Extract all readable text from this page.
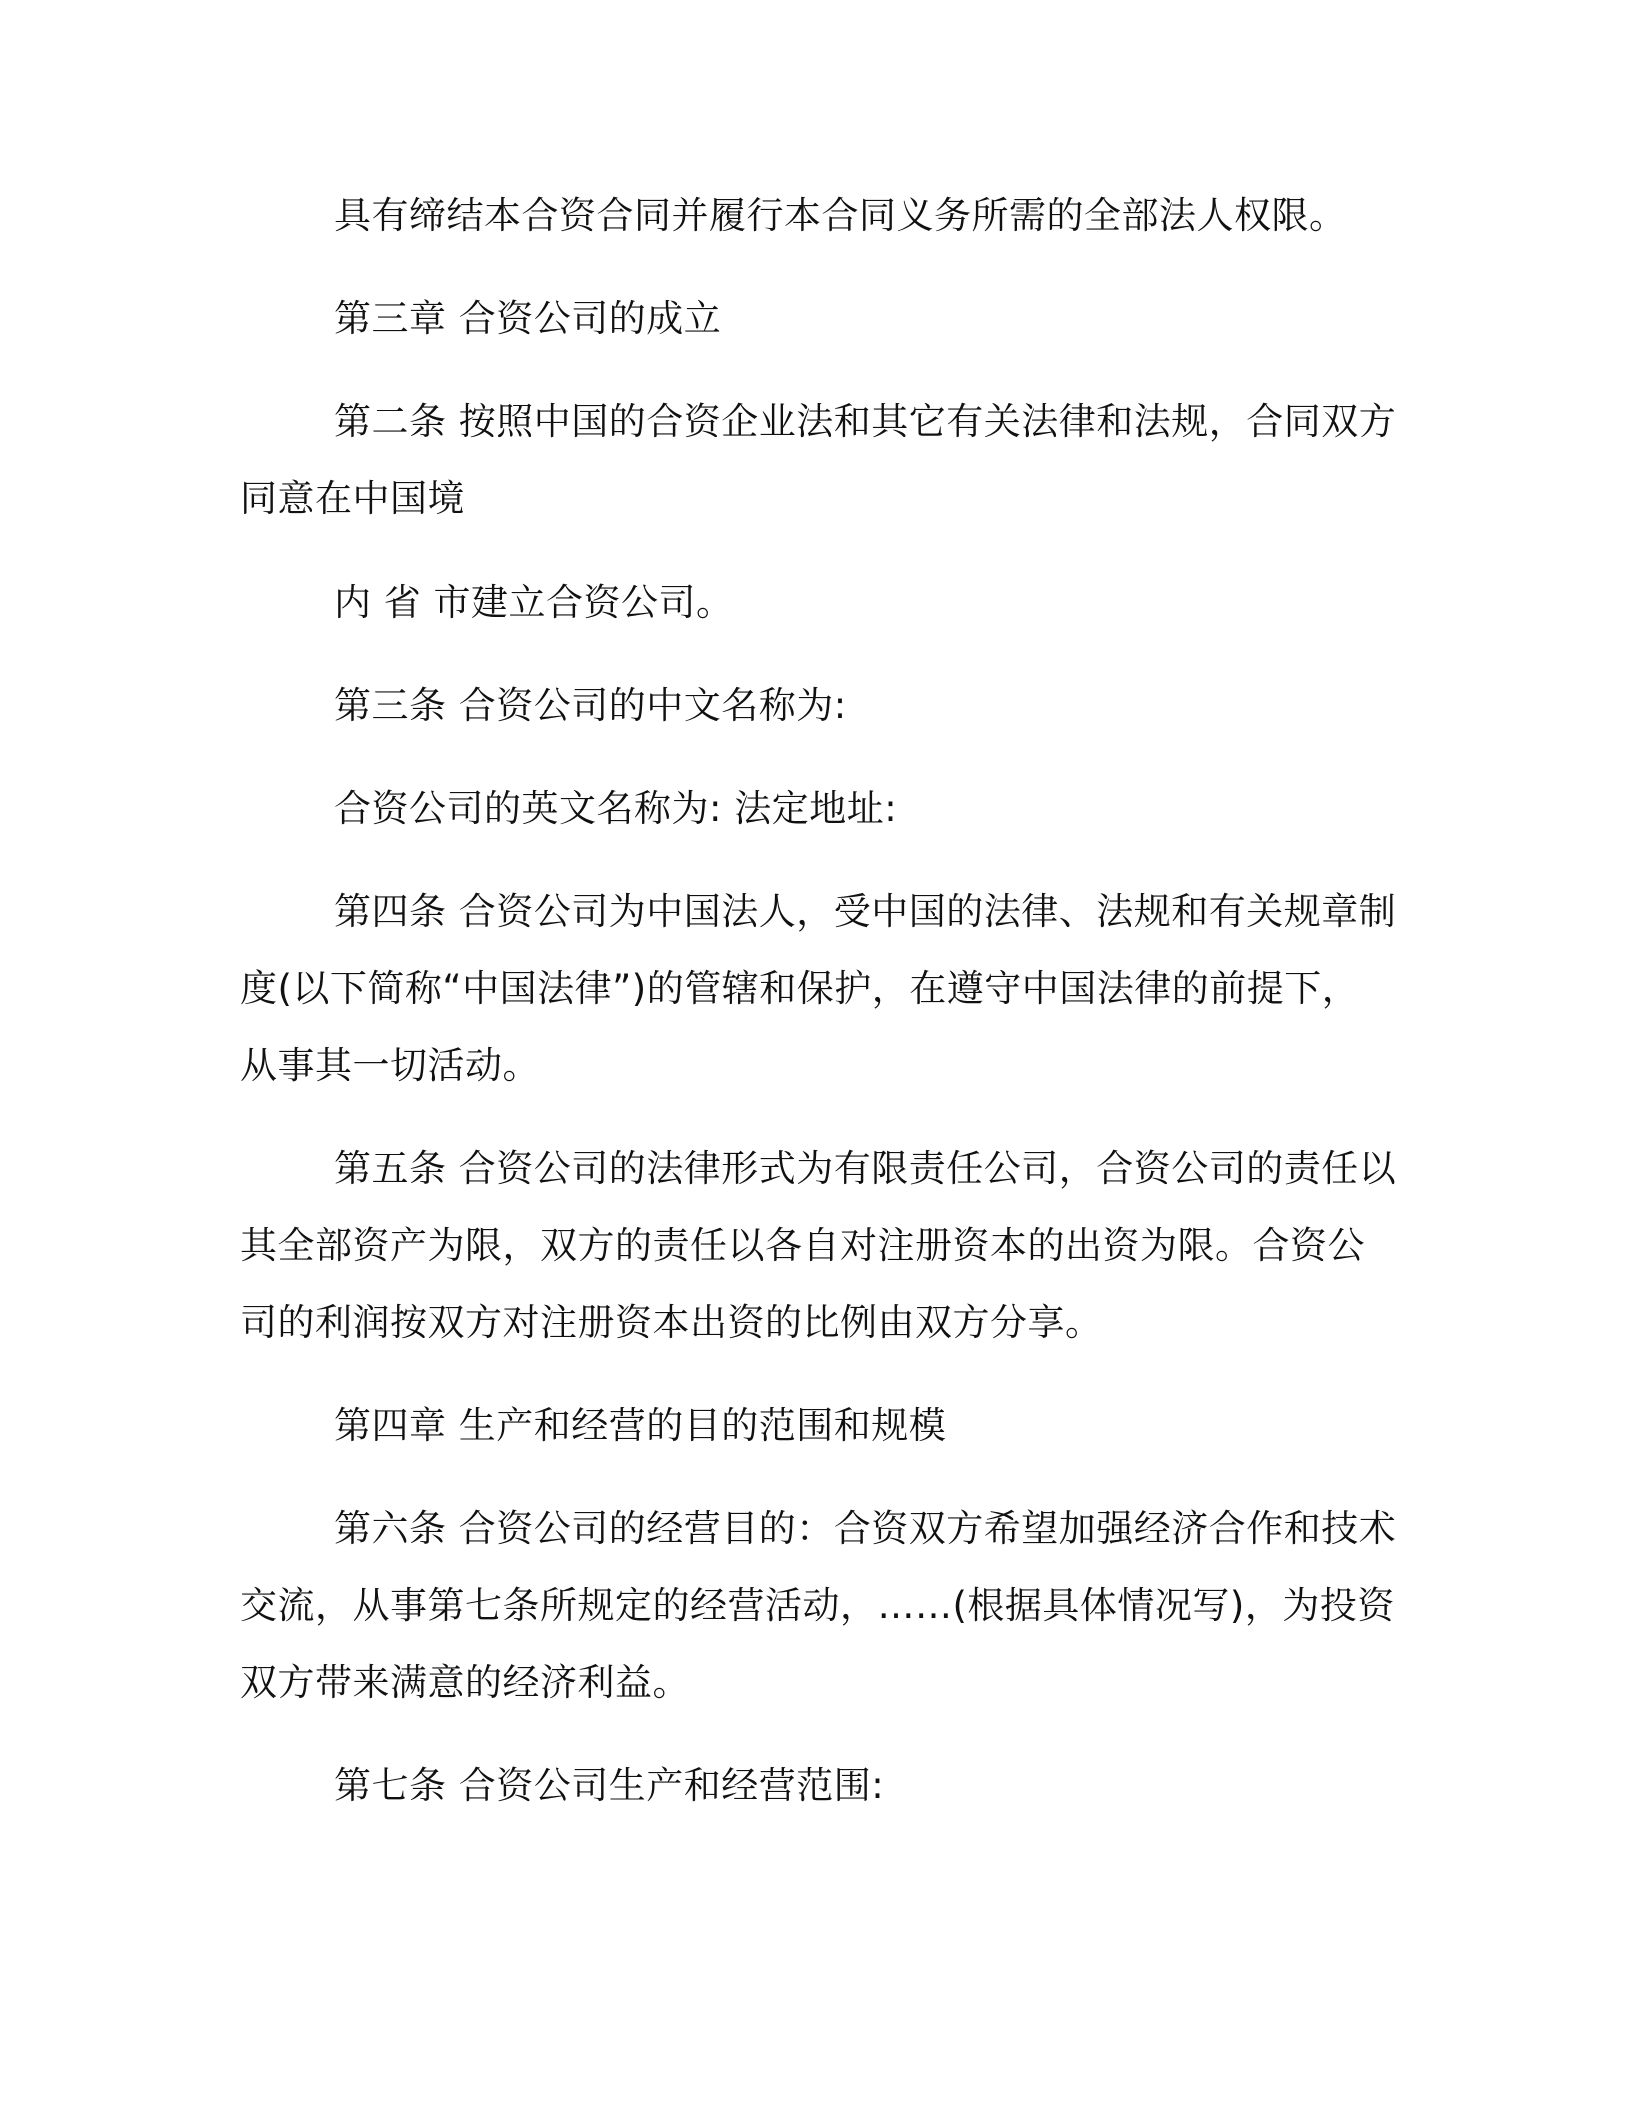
具有缔结本合资合同并履行本合同义务所需的全部法人权限。
第三章 合资公司的成立
第二条 按照中国的合资企业法和其它有关法律和法规，合同双方
同意在中国境
内 省 市建立合资公司。
第三条 合资公司的中文名称为:
合资公司的英文名称为: 法定地址:
第四条 合资公司为中国法人，受中国的法律、法规和有关规章制
度(以下简称“中国法律”)的管辖和保护，在遵守中国法律的前提下，
从事其一切活动。
第五条 合资公司的法律形式为有限责任公司，合资公司的责任以
其全部资产为限，双方的责任以各自对注册资本的出资为限。合资公
司的利润按双方对注册资本出资的比例由双方分享。
第四章 生产和经营的目的范围和规模
第六条 合资公司的经营目的：合资双方希望加强经济合作和技术
交流，从事第七条所规定的经营活动，……(根据具体情况写)，为投资
双方带来满意的经济利益。
第七条 合资公司生产和经营范围:
